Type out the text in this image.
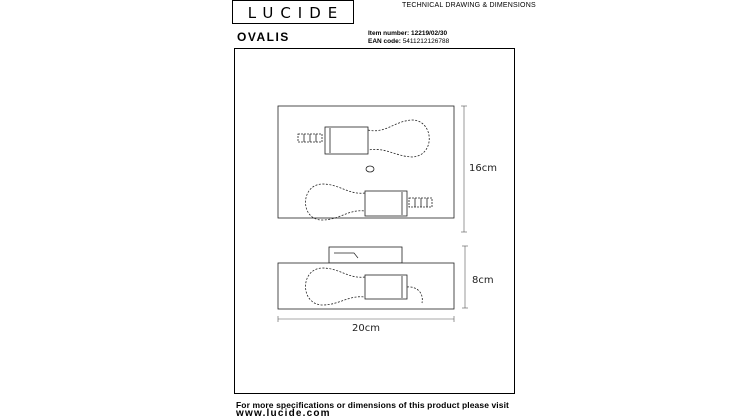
LUCIDE	TECHNICAL DRAWING & DIMENSIONS
OVALIS	Item number: 12219/02/30
EAN code: 5411212126788
16cm
8cm
20cm
For more specifications or dimensions of this product please visit
www.lucide.com
